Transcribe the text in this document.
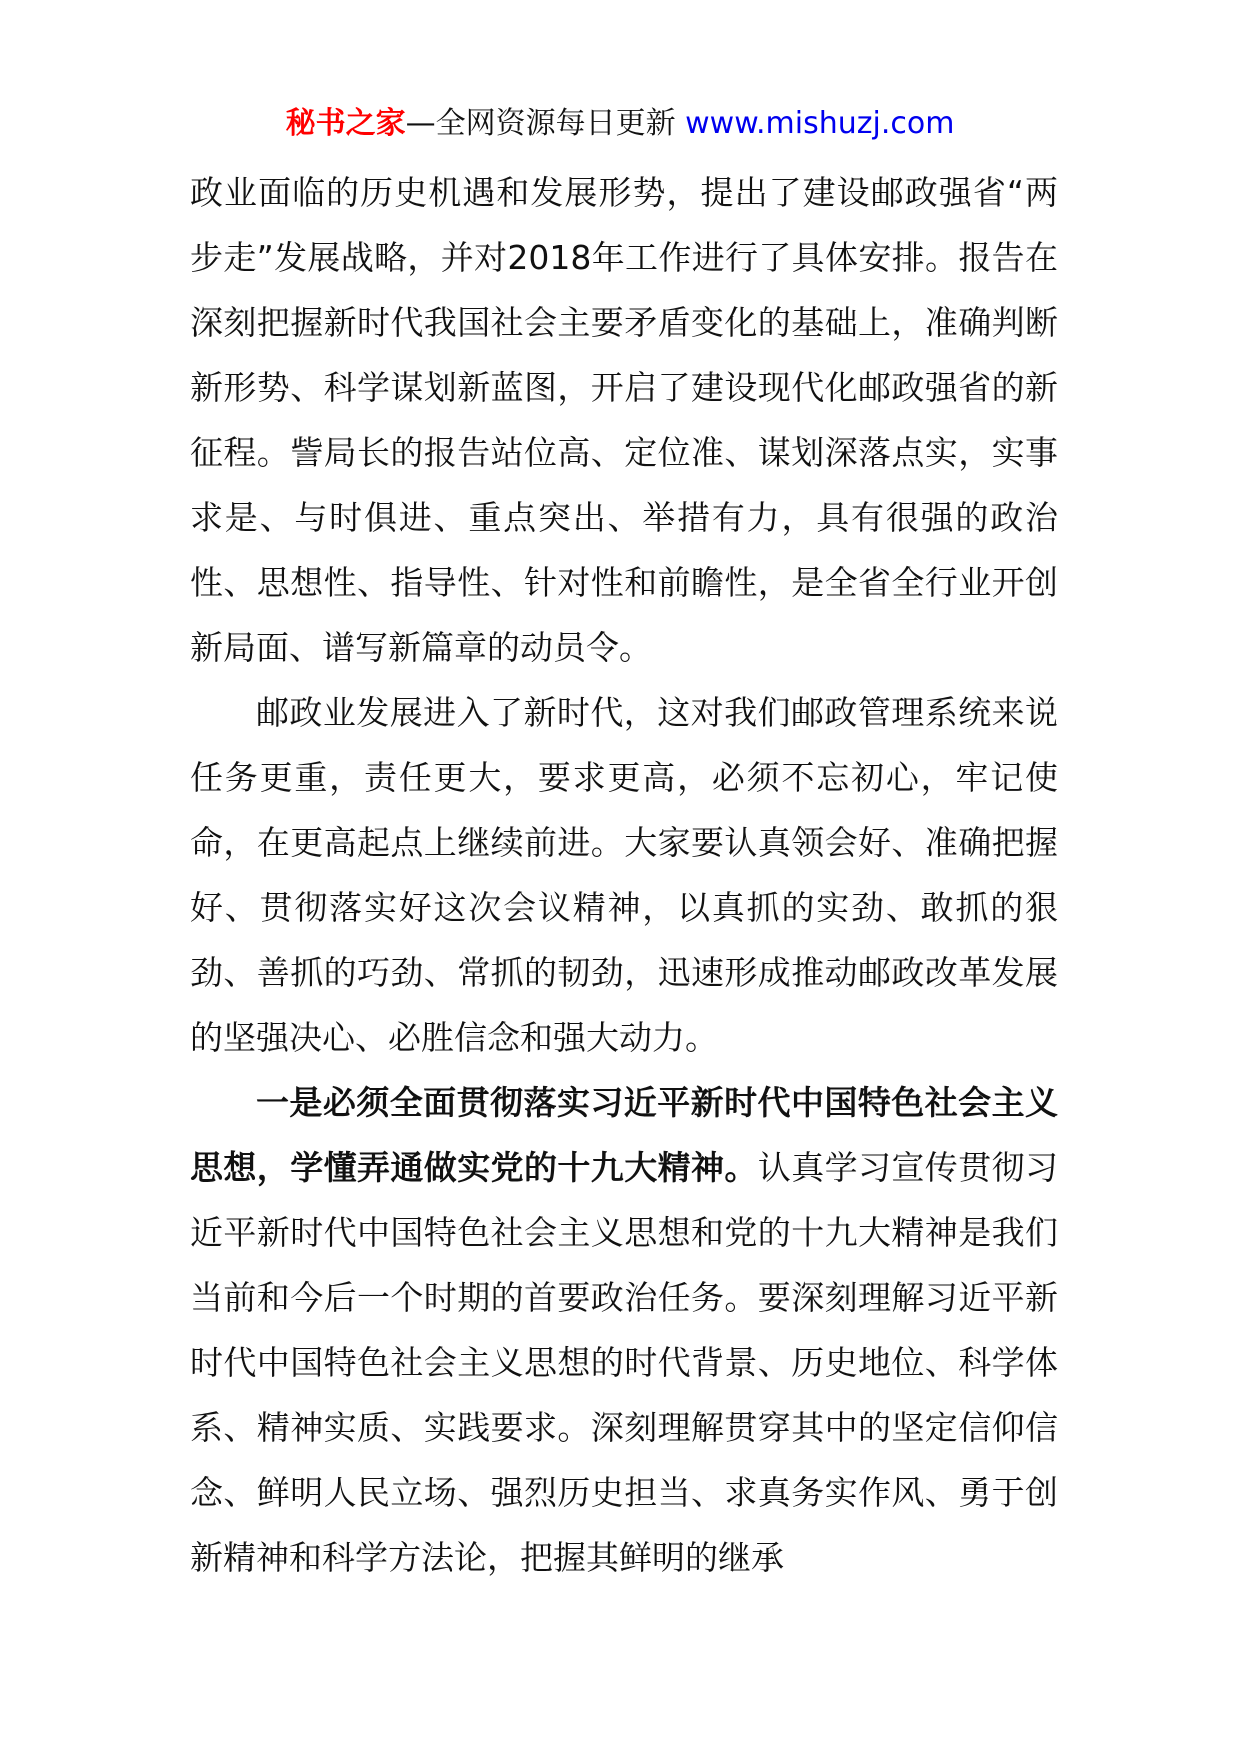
秘书之家—全网资源每日更新 www.mishuzj.com

政业面临的历史机遇和发展形势，提出了建设邮政强省“两步走”发展战略，并对2018年工作进行了具体安排。报告在深刻把握新时代我国社会主要矛盾变化的基础上，准确判断新形势、科学谋划新蓝图，开启了建设现代化邮政强省的新征程。訾局长的报告站位高、定位准、谋划深落点实，实事求是、与时俱进、重点突出、举措有力，具有很强的政治性、思想性、指导性、针对性和前瞻性，是全省全行业开创新局面、谱写新篇章的动员令。

邮政业发展进入了新时代，这对我们邮政管理系统来说任务更重，责任更大，要求更高，必须不忘初心，牢记使命，在更高起点上继续前进。大家要认真领会好、准确把握好、贯彻落实好这次会议精神，以真抓的实劲、敢抓的狠劲、善抓的巧劲、常抓的韧劲，迅速形成推动邮政改革发展的坚强决心、必胜信念和强大动力。

一是必须全面贯彻落实习近平新时代中国特色社会主义思想，学懂弄通做实党的十九大精神。认真学习宣传贯彻习近平新时代中国特色社会主义思想和党的十九大精神是我们当前和今后一个时期的首要政治任务。要深刻理解习近平新时代中国特色社会主义思想的时代背景、历史地位、科学体系、精神实质、实践要求。深刻理解贯穿其中的坚定信仰信念、鲜明人民立场、强烈历史担当、求真务实作风、勇于创新精神和科学方法论，把握其鲜明的继承
